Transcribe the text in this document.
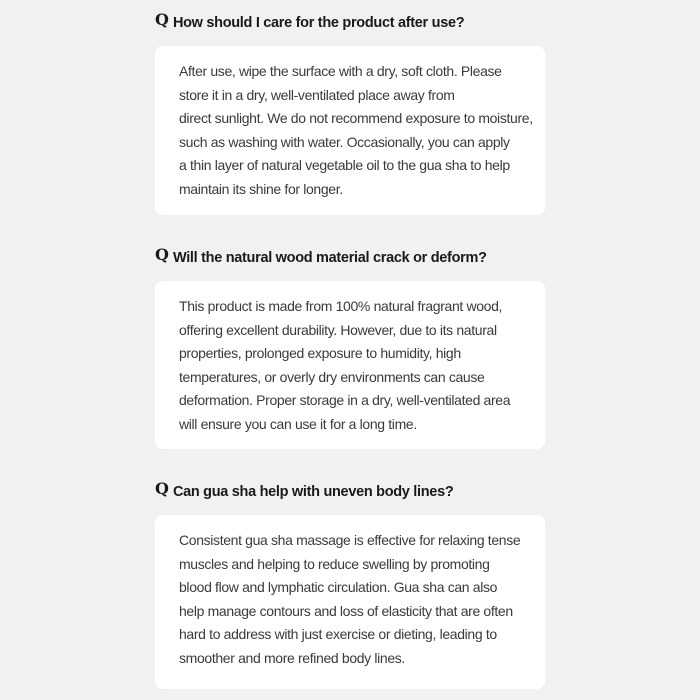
Q How should I care for the product after use?
After use, wipe the surface with a dry, soft cloth. Please
store it in a dry, well-ventilated place away from
direct sunlight. We do not recommend exposure to moisture,
such as washing with water. Occasionally, you can apply
a thin layer of natural vegetable oil to the gua sha to help
maintain its shine for longer.
Q Will the natural wood material crack or deform?
This product is made from 100% natural fragrant wood,
offering excellent durability. However, due to its natural
properties, prolonged exposure to humidity, high
temperatures, or overly dry environments can cause
deformation. Proper storage in a dry, well-ventilated area
will ensure you can use it for a long time.
Q Can gua sha help with uneven body lines?
Consistent gua sha massage is effective for relaxing tense
muscles and helping to reduce swelling by promoting
blood flow and lymphatic circulation. Gua sha can also
help manage contours and loss of elasticity that are often
hard to address with just exercise or dieting, leading to
smoother and more refined body lines.
